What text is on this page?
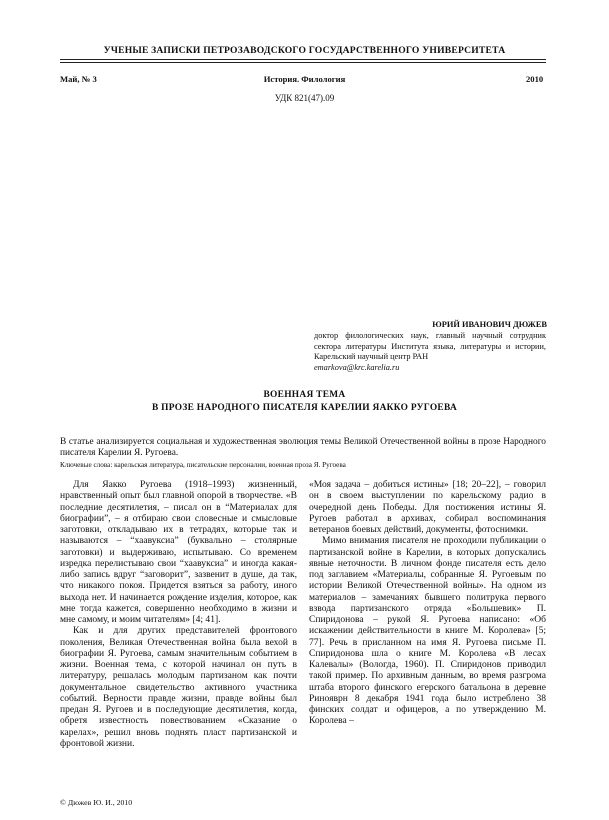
УЧЕНЫЕ ЗАПИСКИ ПЕТРОЗАВОДСКОГО ГОСУДАРСТВЕННОГО УНИВЕРСИТЕТА
Май, № 3	История. Филология	2010
УДК 821(47).09
ЮРИЙ ИВАНОВИЧ ДЮЖЕВ
доктор филологических наук, главный научный сотрудник сектора литературы Института языка, литературы и истории, Карельский научный центр РАН
emarkova@krc.karelia.ru
ВОЕННАЯ ТЕМА
В ПРОЗЕ НАРОДНОГО ПИСАТЕЛЯ КАРЕЛИИ ЯАККО РУГОЕВА
В статье анализируется социальная и художественная эволюция темы Великой Отечественной войны в прозе Народного писателя Карелии Я. Ругоева.
Ключевые слова: карельская литература, писательские персоналии, военная проза Я. Ругоева

Для Яакко Ругоева (1918–1993) жизненный, нравственный опыт был главной опорой в творчестве. «В последние десятилетия, – писал он в “Материалах для биографии”, – я отбираю свои словесные и смысловые заготовки, откладываю их в тетрадях, которые так и называются – “хаавуксиа” (буквально – столярные заготовки) и выдерживаю, испытываю. Со временем изредка перелистываю свои “хаавуксиа” и иногда какая-либо запись вдруг “заговорит”, зазвенит в душе, да так, что никакого покоя. Придется взяться за работу, иного выхода нет. И начинается рождение изделия, которое, как мне тогда кажется, совершенно необходимо в жизни и мне самому, и моим читателям» [4; 41].

Как и для других представителей фронтового поколения, Великая Отечественная война была вехой в биографии Я. Ругоева, самым значительным событием в жизни. Военная тема, с которой начинал он путь в литературу, решалась молодым партизаном как почти документальное свидетельство активного участника событий. Верности правде жизни, правде войны был предан Я. Ругоев и в последующие десятилетия, когда, обретя известность повествованием «Сказание о карелах», решил вновь поднять пласт партизанской и фронтовой жизни.

«Моя задача – добиться истины» [18; 20–22], – говорил он в своем выступлении по карельскому радио в очередной день Победы. Для постижения истины Я. Ругоев работал в архивах, собирал воспоминания ветеранов боевых действий, документы, фотоснимки.

Мимо внимания писателя не проходили публикации о партизанской войне в Карелии, в которых допускались явные неточности. В личном фонде писателя есть дело под заглавием «Материалы, собранные Я. Ругоевым по истории Великой Отечественной войны». На одном из материалов – замечаниях бывшего политрука первого взвода партизанского отряда «Большевик» П. Спиридонова – рукой Я. Ругоева написано: «Об искажении действительности в книге М. Королева» [5; 77]. Речь в присланном на имя Я. Ругоева письме П. Спиридонова шла о книге М. Королева «В лесах Калевалы» (Вологда, 1960). П. Спиридонов приводил такой пример. По архивным данным, во время разгрома штаба второго финского егерского батальона в деревне Ринояврн 8 декабря 1941 года было истреблено 38 финских солдат и офицеров, а по утверждению М. Королева –

© Дюжев Ю. И., 2010
